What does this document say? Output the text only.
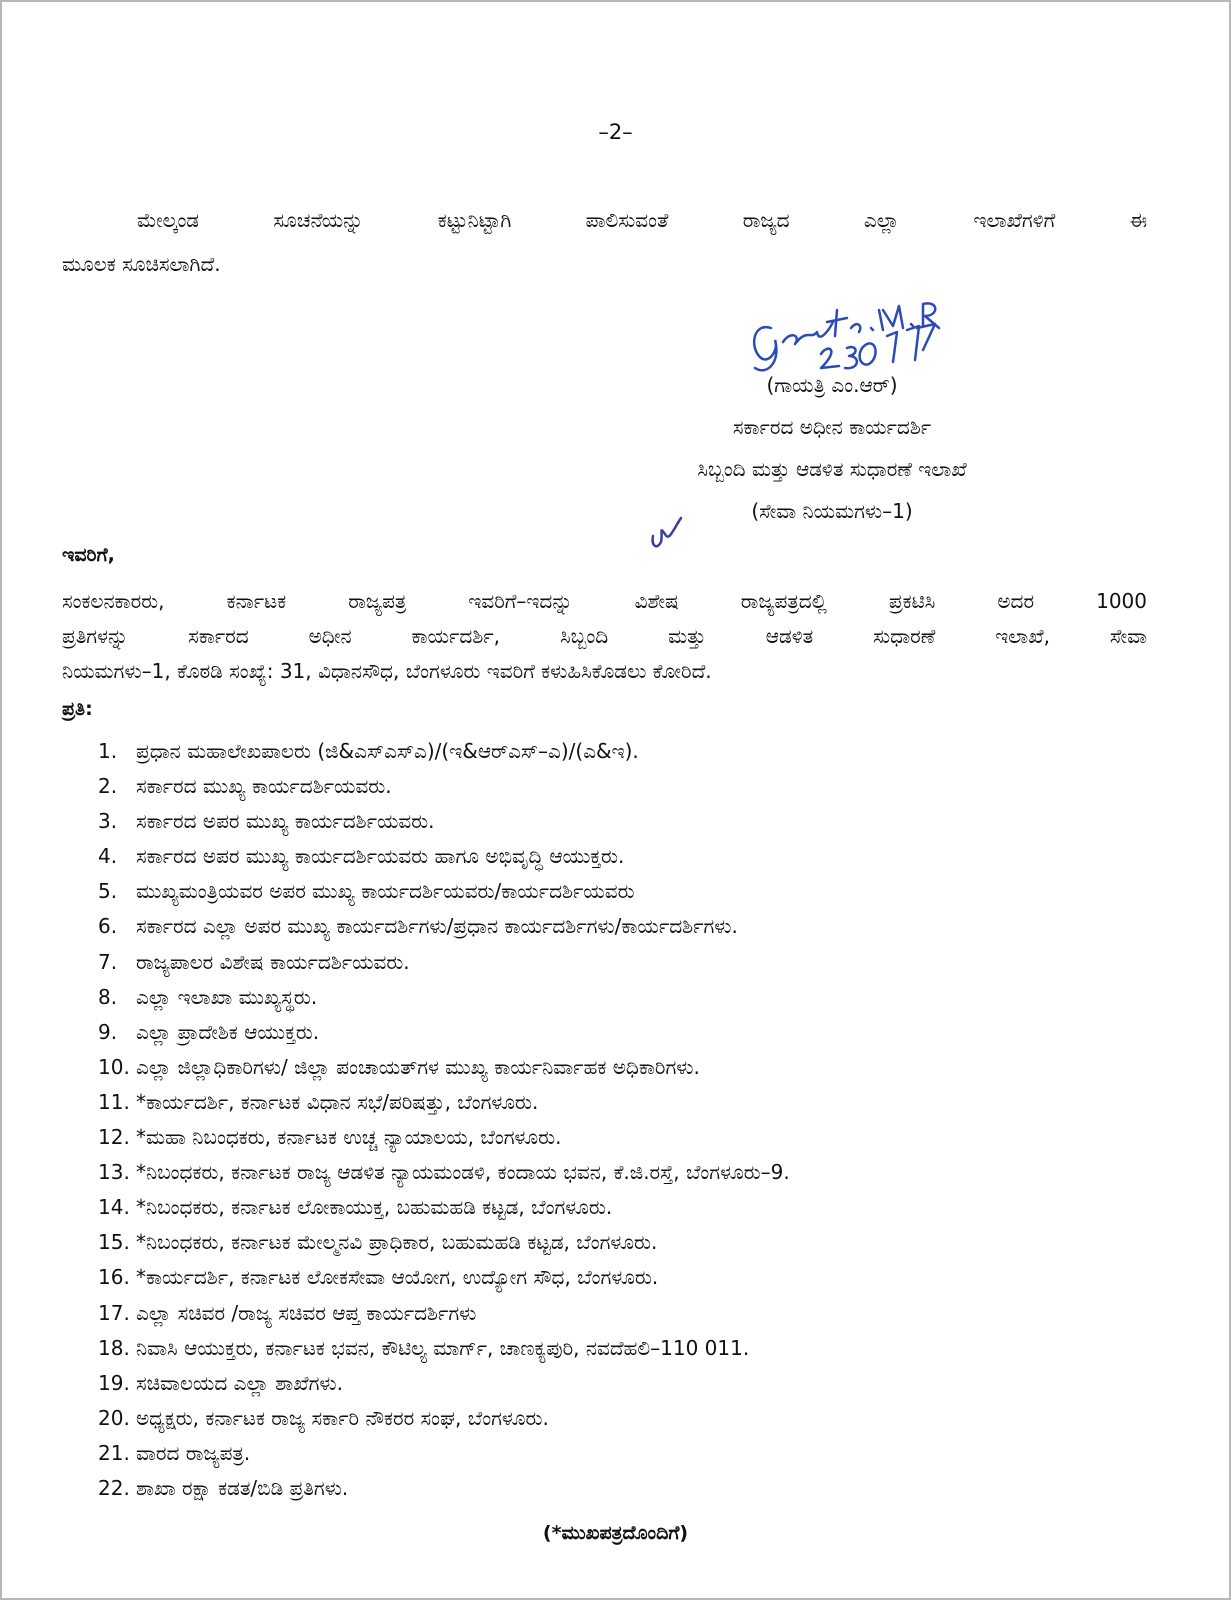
–2–
ಮೇಲ್ಕಂಡ ಸೂಚನೆಯನ್ನು ಕಟ್ಟುನಿಟ್ಟಾಗಿ ಪಾಲಿಸುವಂತೆ ರಾಜ್ಯದ ಎಲ್ಲಾ ಇಲಾಖೆಗಳಿಗೆ ಈ
ಮೂಲಕ ಸೂಚಿಸಲಾಗಿದೆ.
(ಗಾಯತ್ರಿ ಎಂ.ಆರ್)
ಸರ್ಕಾರದ ಅಧೀನ ಕಾರ್ಯದರ್ಶಿ
ಸಿಬ್ಬಂದಿ ಮತ್ತು ಆಡಳಿತ ಸುಧಾರಣೆ ಇಲಾಖೆ
(ಸೇವಾ ನಿಯಮಗಳು–1)
ಇವರಿಗೆ,
ಸಂಕಲನಕಾರರು, ಕರ್ನಾಟಕ ರಾಜ್ಯಪತ್ರ ಇವರಿಗೆ–ಇದನ್ನು ವಿಶೇಷ ರಾಜ್ಯಪತ್ರದಲ್ಲಿ ಪ್ರಕಟಿಸಿ ಅದರ 1000
ಪ್ರತಿಗಳನ್ನು ಸರ್ಕಾರದ ಅಧೀನ ಕಾರ್ಯದರ್ಶಿ, ಸಿಬ್ಬಂದಿ ಮತ್ತು ಆಡಳಿತ ಸುಧಾರಣೆ ಇಲಾಖೆ, ಸೇವಾ
ನಿಯಮಗಳು–1, ಕೊಠಡಿ ಸಂಖ್ಯೆ: 31, ವಿಧಾನಸೌಧ, ಬೆಂಗಳೂರು ಇವರಿಗೆ ಕಳುಹಿಸಿಕೊಡಲು ಕೋರಿದೆ.
ಪ್ರತಿ:
1. ಪ್ರಧಾನ ಮಹಾಲೇಖಪಾಲರು (ಜಿ&ಎಸ್‌ಎಸ್‌ಎ)/(ಇ&ಆರ್‌ಎಸ್–ಎ)/(ಎ&ಇ).
2. ಸರ್ಕಾರದ ಮುಖ್ಯ ಕಾರ್ಯದರ್ಶಿಯವರು.
3. ಸರ್ಕಾರದ ಅಪರ ಮುಖ್ಯ ಕಾರ್ಯದರ್ಶಿಯವರು.
4. ಸರ್ಕಾರದ ಅಪರ ಮುಖ್ಯ ಕಾರ್ಯದರ್ಶಿಯವರು ಹಾಗೂ ಅಭಿವೃದ್ಧಿ ಆಯುಕ್ತರು.
5. ಮುಖ್ಯಮಂತ್ರಿಯವರ ಅಪರ ಮುಖ್ಯ ಕಾರ್ಯದರ್ಶಿಯವರು/ಕಾರ್ಯದರ್ಶಿಯವರು
6. ಸರ್ಕಾರದ ಎಲ್ಲಾ ಅಪರ ಮುಖ್ಯ ಕಾರ್ಯದರ್ಶಿಗಳು/ಪ್ರಧಾನ ಕಾರ್ಯದರ್ಶಿಗಳು/ಕಾರ್ಯದರ್ಶಿಗಳು.
7. ರಾಜ್ಯಪಾಲರ ವಿಶೇಷ ಕಾರ್ಯದರ್ಶಿಯವರು.
8. ಎಲ್ಲಾ ಇಲಾಖಾ ಮುಖ್ಯಸ್ಥರು.
9. ಎಲ್ಲಾ ಪ್ರಾದೇಶಿಕ ಆಯುಕ್ತರು.
10. ಎಲ್ಲಾ ಜಿಲ್ಲಾಧಿಕಾರಿಗಳು/ ಜಿಲ್ಲಾ ಪಂಚಾಯತ್‌ಗಳ ಮುಖ್ಯ ಕಾರ್ಯನಿರ್ವಾಹಕ ಅಧಿಕಾರಿಗಳು.
11. *ಕಾರ್ಯದರ್ಶಿ, ಕರ್ನಾಟಕ ವಿಧಾನ ಸಭೆ/ಪರಿಷತ್ತು, ಬೆಂಗಳೂರು.
12. *ಮಹಾ ನಿಬಂಧಕರು, ಕರ್ನಾಟಕ ಉಚ್ಚ ನ್ಯಾಯಾಲಯ, ಬೆಂಗಳೂರು.
13. *ನಿಬಂಧಕರು, ಕರ್ನಾಟಕ ರಾಜ್ಯ ಆಡಳಿತ ನ್ಯಾಯಮಂಡಳಿ, ಕಂದಾಯ ಭವನ, ಕೆ.ಜಿ.ರಸ್ತೆ, ಬೆಂಗಳೂರು–9.
14. *ನಿಬಂಧಕರು, ಕರ್ನಾಟಕ ಲೋಕಾಯುಕ್ತ, ಬಹುಮಹಡಿ ಕಟ್ಟಡ, ಬೆಂಗಳೂರು.
15. *ನಿಬಂಧಕರು, ಕರ್ನಾಟಕ ಮೇಲ್ಮನವಿ ಪ್ರಾಧಿಕಾರ, ಬಹುಮಹಡಿ ಕಟ್ಟಡ, ಬೆಂಗಳೂರು.
16. *ಕಾರ್ಯದರ್ಶಿ, ಕರ್ನಾಟಕ ಲೋಕಸೇವಾ ಆಯೋಗ, ಉದ್ಯೋಗ ಸೌಧ, ಬೆಂಗಳೂರು.
17. ಎಲ್ಲಾ ಸಚಿವರ /ರಾಜ್ಯ ಸಚಿವರ ಆಪ್ತ ಕಾರ್ಯದರ್ಶಿಗಳು
18. ನಿವಾಸಿ ಆಯುಕ್ತರು, ಕರ್ನಾಟಕ ಭವನ, ಕೌಟಿಲ್ಯ ಮಾರ್ಗ್, ಚಾಣಕ್ಯಪುರಿ, ನವದೆಹಲಿ–110 011.
19. ಸಚಿವಾಲಯದ ಎಲ್ಲಾ ಶಾಖೆಗಳು.
20. ಅಧ್ಯಕ್ಷರು, ಕರ್ನಾಟಕ ರಾಜ್ಯ ಸರ್ಕಾರಿ ನೌಕರರ ಸಂಘ, ಬೆಂಗಳೂರು.
21. ವಾರದ ರಾಜ್ಯಪತ್ರ.
22. ಶಾಖಾ ರಕ್ಷಾ ಕಡತ/ಬಿಡಿ ಪ್ರತಿಗಳು.
(*ಮುಖಪತ್ರದೊಂದಿಗೆ)
